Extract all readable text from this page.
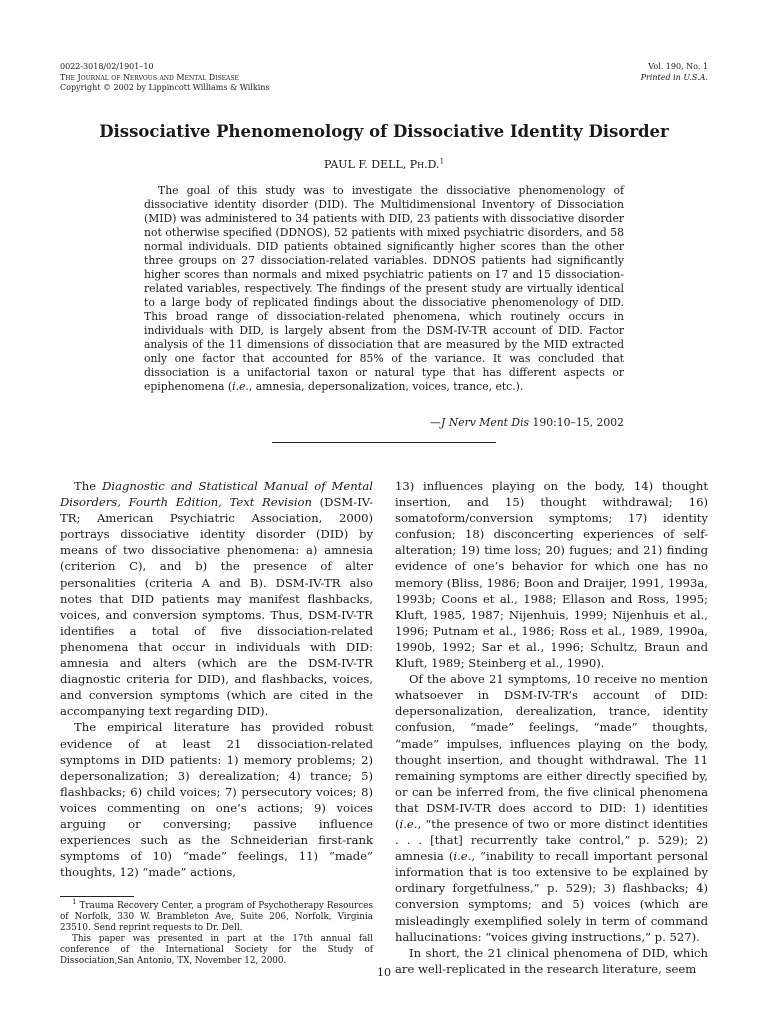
0022-3018/02/1901–10
The Journal of Nervous and Mental Disease
Copyright © 2002 by Lippincott Williams & Wilkins
Vol. 190, No. 1
Printed in U.S.A.
Dissociative Phenomenology of Dissociative Identity Disorder
PAUL F. DELL, Ph.D.$^1$

The goal of this study was to investigate the dissociative phenomenology of dissociative identity disorder (DID). The Multidimensional Inventory of Dissociation (MID) was administered to 34 patients with DID, 23 patients with dissociative disorder not otherwise specified (DDNOS), 52 patients with mixed psychiatric disorders, and 58 normal individuals. DID patients obtained significantly higher scores than the other three groups on 27 dissociation-related variables. DDNOS patients had significantly higher scores than normals and mixed psychiatric patients on 17 and 15 dissociation-related variables, respectively. The findings of the present study are virtually identical to a large body of replicated findings about the dissociative phenomenology of DID. This broad range of dissociation-related phenomena, which routinely occurs in individuals with DID, is largely absent from the DSM-IV-TR account of DID. Factor analysis of the 11 dimensions of dissociation that are measured by the MID extracted only one factor that accounted for 85% of the variance. It was concluded that dissociation is a unifactorial taxon or natural type that has different aspects or epiphenomena (i.e., amnesia, depersonalization, voices, trance, etc.).

—J Nerv Ment Dis 190:10–15, 2002

The Diagnostic and Statistical Manual of Mental Disorders, Fourth Edition, Text Revision (DSM-IV-TR; American Psychiatric Association, 2000) portrays dissociative identity disorder (DID) by means of two dissociative phenomena: a) amnesia (criterion C), and b) the presence of alter personalities (criteria A and B). DSM-IV-TR also notes that DID patients may manifest flashbacks, voices, and conversion symptoms. Thus, DSM-IV-TR identifies a total of five dissociation-related phenomena that occur in individuals with DID: amnesia and alters (which are the DSM-IV-TR diagnostic criteria for DID), and flashbacks, voices, and conversion symptoms (which are cited in the accompanying text regarding DID).

The empirical literature has provided robust evidence of at least 21 dissociation-related symptoms in DID patients: 1) memory problems; 2) depersonalization; 3) derealization; 4) trance; 5) flashbacks; 6) child voices; 7) persecutory voices; 8) voices commenting on one’s actions; 9) voices arguing or conversing; passive influence experiences such as the Schneiderian first-rank symptoms of 10) “made” feelings, 11) “made” thoughts, 12) “made” actions,

13) influences playing on the body, 14) thought insertion, and 15) thought withdrawal; 16) somatoform/conversion symptoms; 17) identity confusion; 18) disconcerting experiences of self-alteration; 19) time loss; 20) fugues; and 21) finding evidence of one’s behavior for which one has no memory (Bliss, 1986; Boon and Draijer, 1991, 1993a, 1993b; Coons et al., 1988; Ellason and Ross, 1995; Kluft, 1985, 1987; Nijenhuis, 1999; Nijenhuis et al., 1996; Putnam et al., 1986; Ross et al., 1989, 1990a, 1990b, 1992; Sar et al., 1996; Schultz, Braun and Kluft, 1989; Steinberg et al., 1990).

Of the above 21 symptoms, 10 receive no mention whatsoever in DSM-IV-TR’s account of DID: depersonalization, derealization, trance, identity confusion, “made” feelings, “made” thoughts, “made” impulses, influences playing on the body, thought insertion, and thought withdrawal. The 11 remaining symptoms are either directly specified by, or can be inferred from, the five clinical phenomena that DSM-IV-TR does accord to DID: 1) identities (i.e., “the presence of two or more distinct identities . . . [that] recurrently take control,” p. 529); 2) amnesia (i.e., “inability to recall important personal information that is too extensive to be explained by ordinary forgetfulness,” p. 529); 3) flashbacks; 4) conversion symptoms; and 5) voices (which are misleadingly exemplified solely in term of command hallucinations: “voices giving instructions,” p. 527).

In short, the 21 clinical phenomena of DID, which are well-replicated in the research literature, seem

$^1$ Trauma Recovery Center, a program of Psychotherapy Resources of Norfolk, 330 W. Brambleton Ave, Suite 206, Norfolk, Virginia 23510. Send reprint requests to Dr. Dell.

This paper was presented in part at the 17th annual fall conference of the International Society for the Study of Dissociation,San Antonio, TX, November 12, 2000.

10
